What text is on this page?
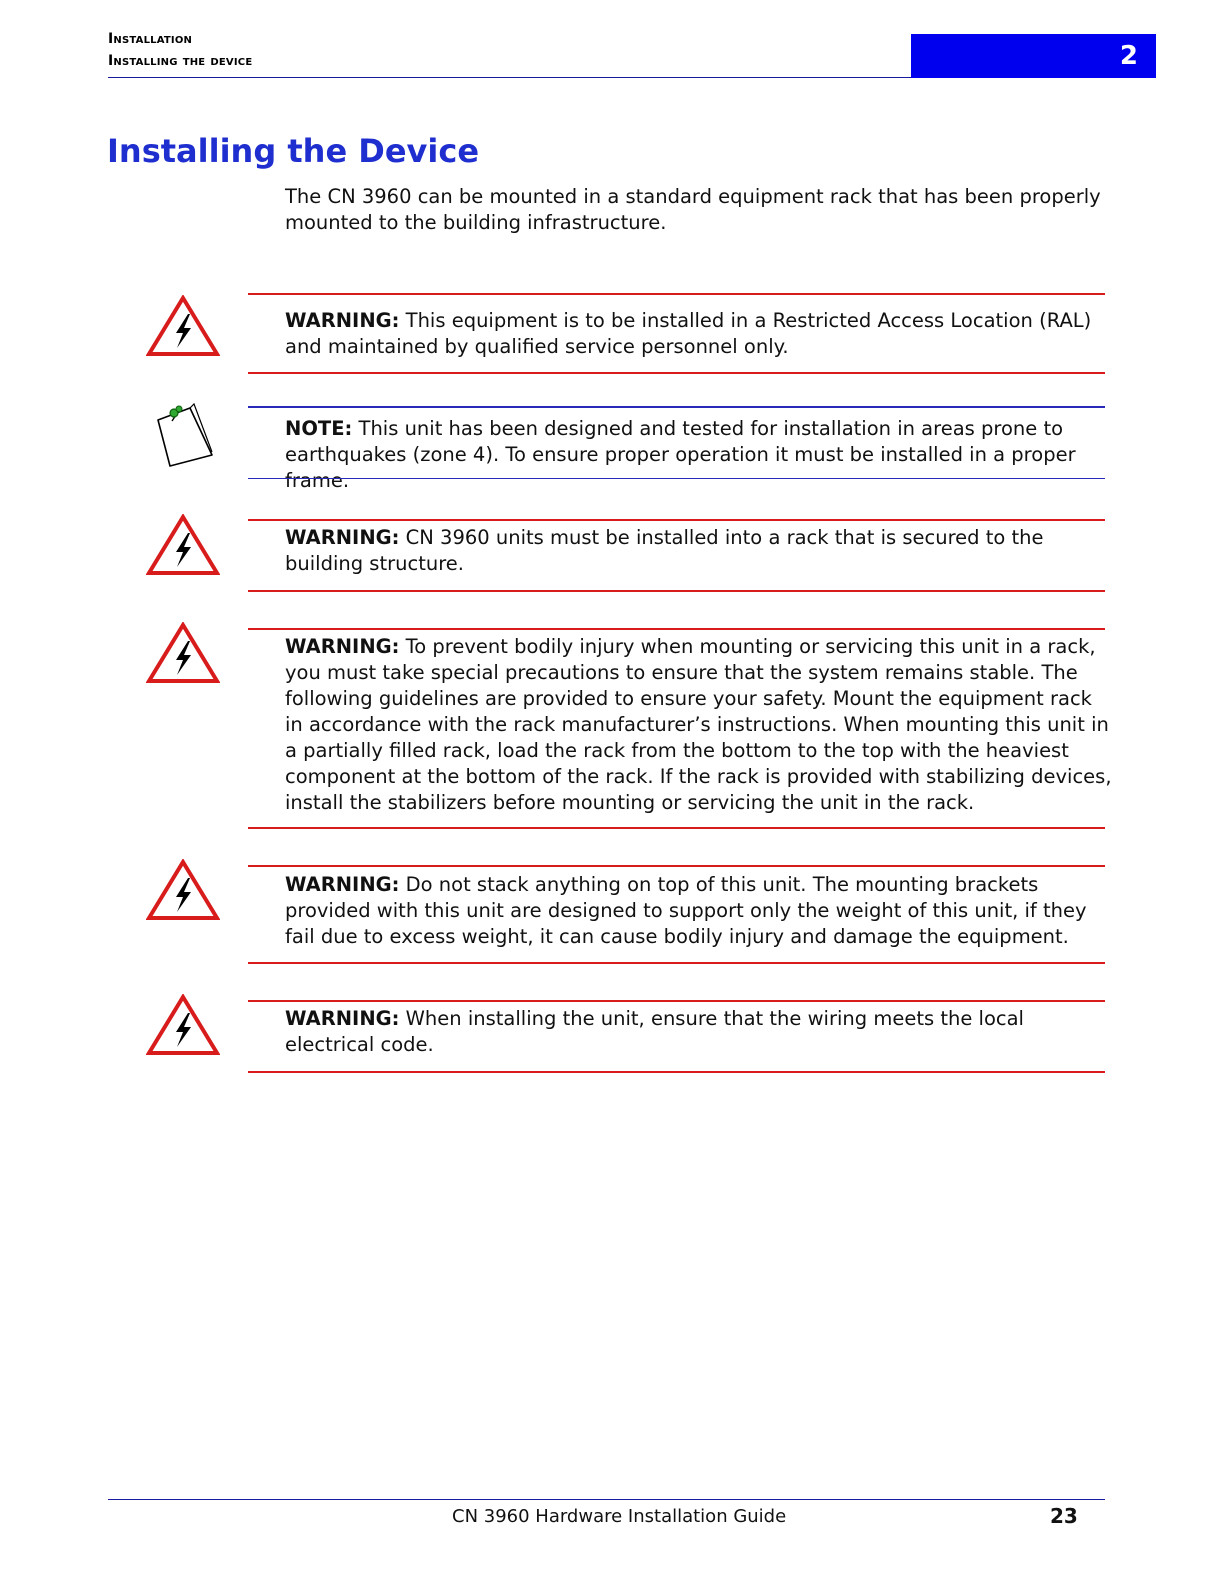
Installation
Installing the device	2
Installing the Device
The CN 3960 can be mounted in a standard equipment rack that has been properly mounted to the building infrastructure.
WARNING: This equipment is to be installed in a Restricted Access Location (RAL) and maintained by qualified service personnel only.
NOTE: This unit has been designed and tested for installation in areas prone to earthquakes (zone 4). To ensure proper operation it must be installed in a proper frame.
WARNING: CN 3960 units must be installed into a rack that is secured to the building structure.
WARNING: To prevent bodily injury when mounting or servicing this unit in a rack, you must take special precautions to ensure that the system remains stable. The following guidelines are provided to ensure your safety. Mount the equipment rack in accordance with the rack manufacturer’s instructions. When mounting this unit in a partially filled rack, load the rack from the bottom to the top with the heaviest component at the bottom of the rack. If the rack is provided with stabilizing devices, install the stabilizers before mounting or servicing the unit in the rack.
WARNING: Do not stack anything on top of this unit. The mounting brackets provided with this unit are designed to support only the weight of this unit, if they fail due to excess weight, it can cause bodily injury and damage the equipment.
WARNING: When installing the unit, ensure that the wiring meets the local electrical code.
CN 3960 Hardware Installation Guide	23
